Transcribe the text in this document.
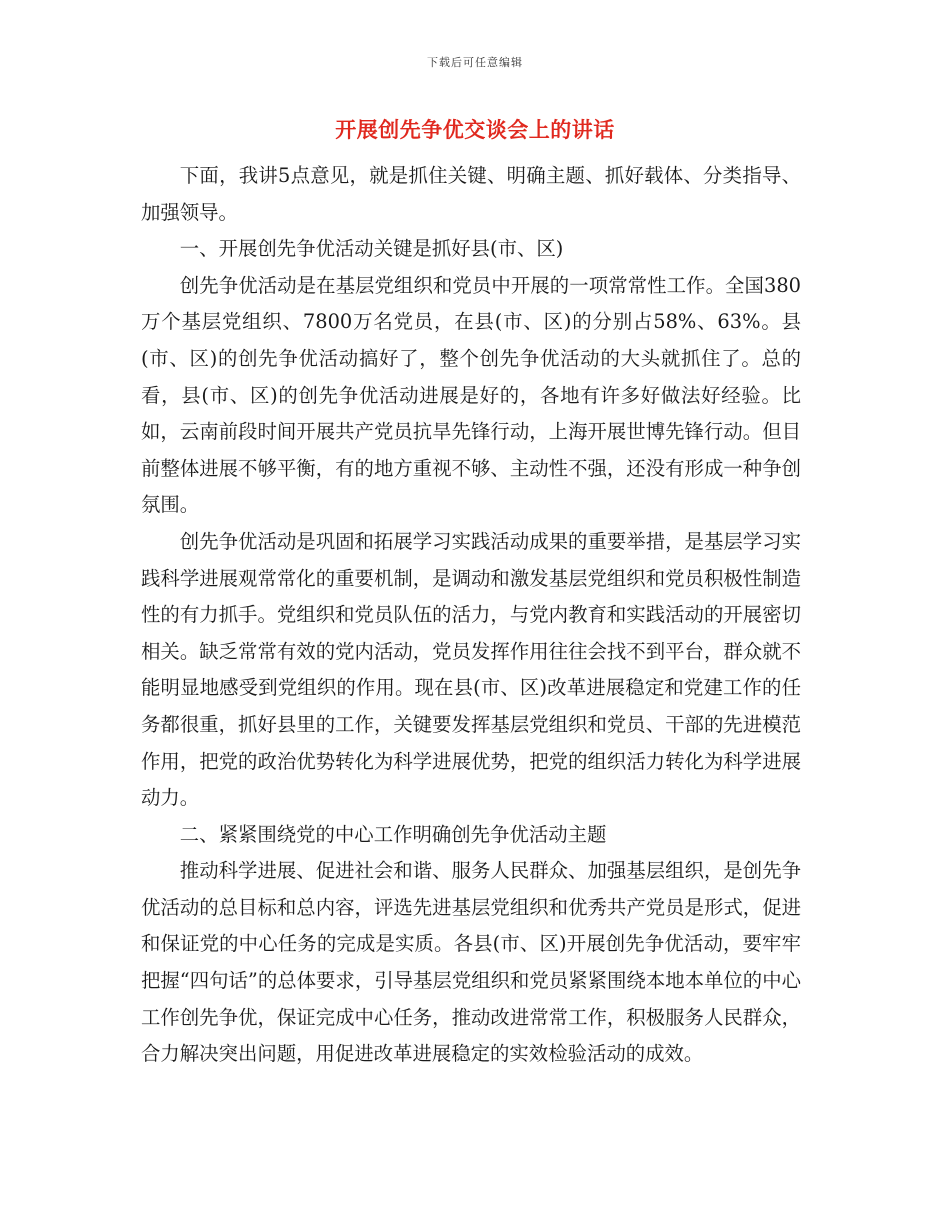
下载后可任意编辑
开展创先争优交谈会上的讲话

下面，我讲5点意见，就是抓住关键、明确主题、抓好载体、分类指导、加强领导。

一、开展创先争优活动关键是抓好县(市、区)

创先争优活动是在基层党组织和党员中开展的一项常常性工作。全国380万个基层党组织、7800万名党员，在县(市、区)的分别占58%、63%。县(市、区)的创先争优活动搞好了，整个创先争优活动的大头就抓住了。总的看，县(市、区)的创先争优活动进展是好的，各地有许多好做法好经验。比如，云南前段时间开展共产党员抗旱先锋行动，上海开展世博先锋行动。但目前整体进展不够平衡，有的地方重视不够、主动性不强，还没有形成一种争创氛围。

创先争优活动是巩固和拓展学习实践活动成果的重要举措，是基层学习实践科学进展观常常化的重要机制，是调动和激发基层党组织和党员积极性制造性的有力抓手。党组织和党员队伍的活力，与党内教育和实践活动的开展密切相关。缺乏常常有效的党内活动，党员发挥作用往往会找不到平台，群众就不能明显地感受到党组织的作用。现在县(市、区)改革进展稳定和党建工作的任务都很重，抓好县里的工作，关键要发挥基层党组织和党员、干部的先进模范作用，把党的政治优势转化为科学进展优势，把党的组织活力转化为科学进展动力。

二、紧紧围绕党的中心工作明确创先争优活动主题

推动科学进展、促进社会和谐、服务人民群众、加强基层组织，是创先争优活动的总目标和总内容，评选先进基层党组织和优秀共产党员是形式，促进和保证党的中心任务的完成是实质。各县(市、区)开展创先争优活动，要牢牢把握“四句话”的总体要求，引导基层党组织和党员紧紧围绕本地本单位的中心工作创先争优，保证完成中心任务，推动改进常常工作，积极服务人民群众，合力解决突出问题，用促进改革进展稳定的实效检验活动的成效。
